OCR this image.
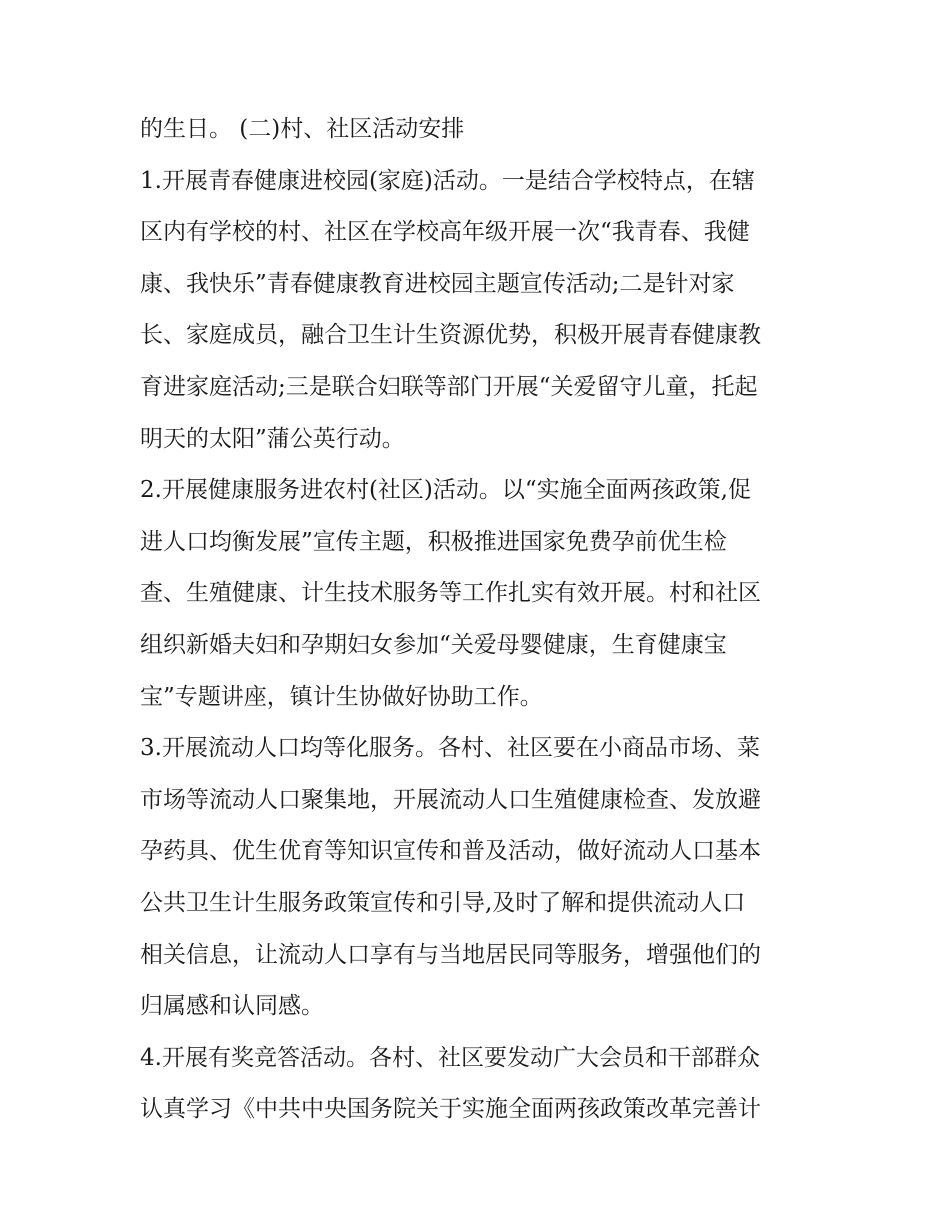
的生日。 (二)村、社区活动安排
1.开展青春健康进校园(家庭)活动。一是结合学校特点，在辖
区内有学校的村、社区在学校高年级开展一次“我青春、我健
康、我快乐”青春健康教育进校园主题宣传活动;二是针对家
长、家庭成员，融合卫生计生资源优势，积极开展青春健康教
育进家庭活动;三是联合妇联等部门开展“关爱留守儿童，托起
明天的太阳”蒲公英行动。
2.开展健康服务进农村(社区)活动。以“实施全面两孩政策,促
进人口均衡发展”宣传主题，积极推进国家免费孕前优生检
查、生殖健康、计生技术服务等工作扎实有效开展。村和社区
组织新婚夫妇和孕期妇女参加“关爱母婴健康，生育健康宝
宝”专题讲座，镇计生协做好协助工作。
3.开展流动人口均等化服务。各村、社区要在小商品市场、菜
市场等流动人口聚集地，开展流动人口生殖健康检查、发放避
孕药具、优生优育等知识宣传和普及活动，做好流动人口基本
公共卫生计生服务政策宣传和引导,及时了解和提供流动人口
相关信息，让流动人口享有与当地居民同等服务，增强他们的
归属感和认同感。
4.开展有奖竞答活动。各村、社区要发动广大会员和干部群众
认真学习《中共中央国务院关于实施全面两孩政策改革完善计
